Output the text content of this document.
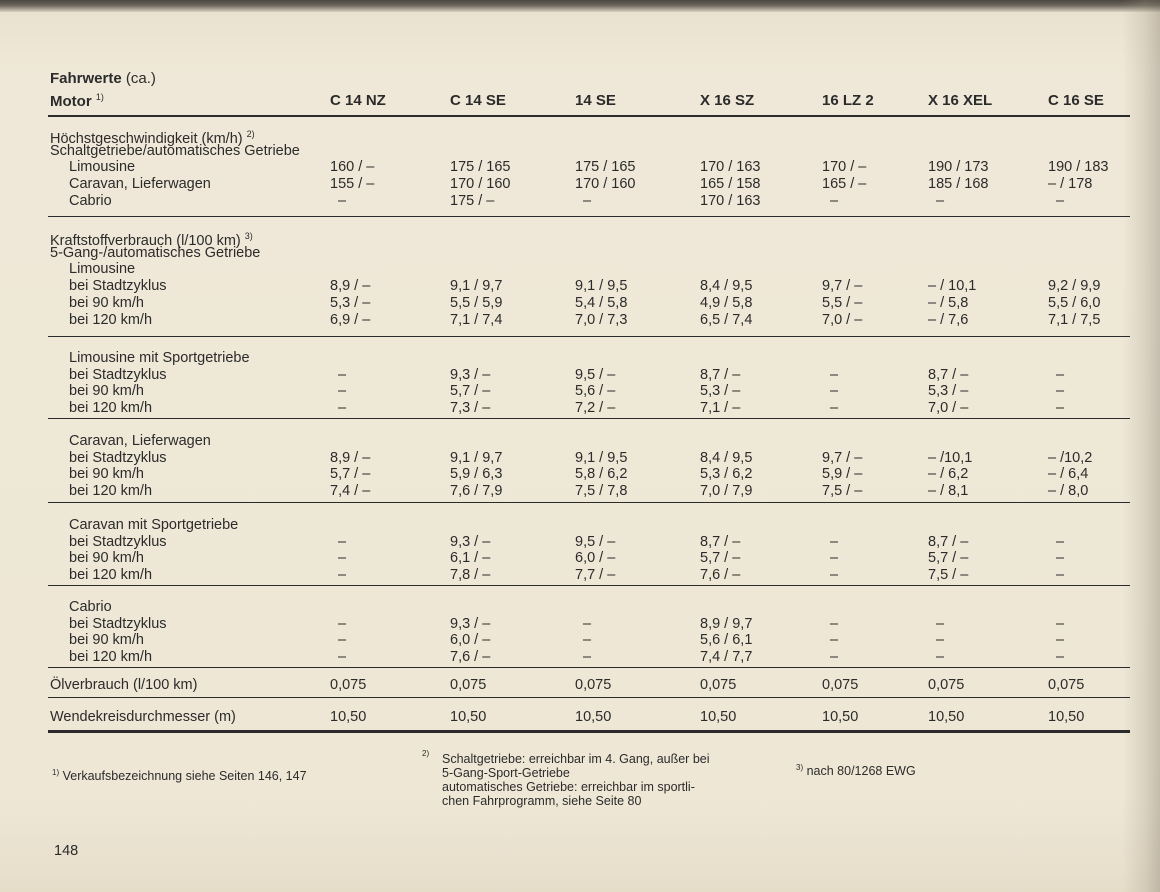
Fahrwerte (ca.)
Motor $^{1)}$
148
C 14 NZ	C 14 SE	14 SE	X 16 SZ	16 LZ 2	X 16 XEL	C 16 SE
Höchstgeschwindigkeit (km/h) $^{2)}$
Schaltgetriebe/automatisches Getriebe
Limousine	160 / –	175 / 165	175 / 165	170 / 163	170 / –	190 / 173	190 / 183
Caravan, Lieferwagen	155 / –	170 / 160	170 / 160	165 / 158	165 / –	185 / 168	– / 178
Cabrio	–	175 / –	–	170 / 163	–	–	–
Kraftstoffverbrauch (l/100 km) $^{3)}$
5-Gang-/automatisches Getriebe
Limousine
bei Stadtzyklus	8,9 / –	9,1 / 9,7	9,1 / 9,5	8,4 / 9,5	9,7 / –	– / 10,1	9,2 / 9,9
bei 90 km/h	5,3 / –	5,5 / 5,9	5,4 / 5,8	4,9 / 5,8	5,5 / –	– / 5,8	5,5 / 6,0
bei 120 km/h	6,9 / –	7,1 / 7,4	7,0 / 7,3	6,5 / 7,4	7,0 / –	– / 7,6	7,1 / 7,5
Limousine mit Sportgetriebe
bei Stadtzyklus	–	9,3 / –	9,5 / –	8,7 / –	–	8,7 / –	–
bei 90 km/h	–	5,7 / –	5,6 / –	5,3 / –	–	5,3 / –	–
bei 120 km/h	–	7,3 / –	7,2 / –	7,1 / –	–	7,0 / –	–
Caravan, Lieferwagen
bei Stadtzyklus	8,9 / –	9,1 / 9,7	9,1 / 9,5	8,4 / 9,5	9,7 / –	– /10,1	– /10,2
bei 90 km/h	5,7 / –	5,9 / 6,3	5,8 / 6,2	5,3 / 6,2	5,9 / –	– / 6,2	– / 6,4
bei 120 km/h	7,4 / –	7,6 / 7,9	7,5 / 7,8	7,0 / 7,9	7,5 / –	– / 8,1	– / 8,0
Caravan mit Sportgetriebe
bei Stadtzyklus	–	9,3 / –	9,5 / –	8,7 / –	–	8,7 / –	–
bei 90 km/h	–	6,1 / –	6,0 / –	5,7 / –	–	5,7 / –	–
bei 120 km/h	–	7,8 / –	7,7 / –	7,6 / –	–	7,5 / –	–
Cabrio
bei Stadtzyklus	–	9,3 / –	–	8,9 / 9,7	–	–	–
bei 90 km/h	–	6,0 / –	–	5,6 / 6,1	–	–	–
bei 120 km/h	–	7,6 / –	–	7,4 / 7,7	–	–	–
Ölverbrauch (l/100 km)	0,075	0,075	0,075	0,075	0,075	0,075	0,075
Wendekreisdurchmesser (m)	10,50	10,50	10,50	10,50	10,50	10,50	10,50
$^{1)}$ Verkaufsbezeichnung siehe Seiten 146, 147
2) Schaltgetriebe: erreichbar im 4. Gang, außer bei
5-Gang-Sport-Getriebe
automatisches Getriebe: erreichbar im sportli-
chen Fahrprogramm, siehe Seite 80
$^{3)}$ nach 80/1268 EWG
